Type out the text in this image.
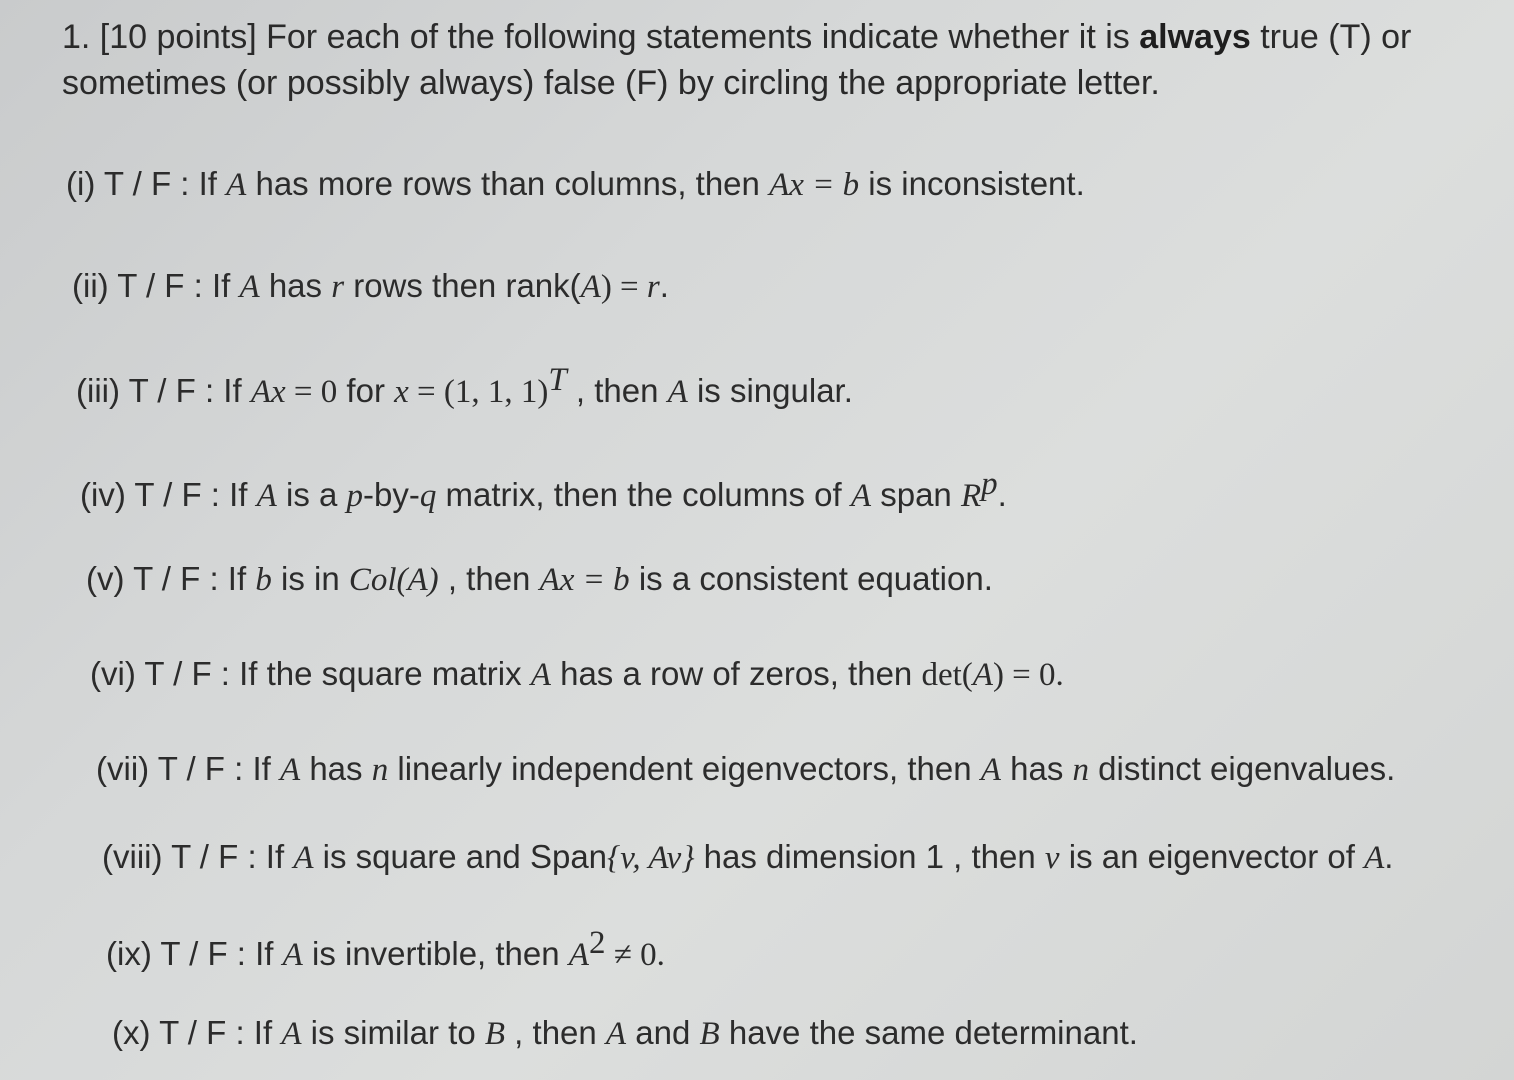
1. [10 points] For each of the following statements indicate whether it is always true (T) or sometimes (or possibly always) false (F) by circling the appropriate letter.
(i) T / F : If A has more rows than columns, then Ax = b is inconsistent.
(ii) T / F : If A has r rows then rank(A) = r.
(iii) T / F : If Ax = 0 for x = (1, 1, 1)$^T$ , then A is singular.
(iv) T / F : If A is a p-by-q matrix, then the columns of A span $R^p$.
(v) T / F : If b is in Col(A) , then Ax = b is a consistent equation.
(vi) T / F : If the square matrix A has a row of zeros, then det(A) = 0.
(vii) T / F : If A has n linearly independent eigenvectors, then A has n distinct eigenvalues.
(viii) T / F : If A is square and Span{v, Av} has dimension 1 , then v is an eigenvector of A.
(ix) T / F : If A is invertible, then $A^2 \ne 0$.
(x) T / F : If A is similar to B , then A and B have the same determinant.
